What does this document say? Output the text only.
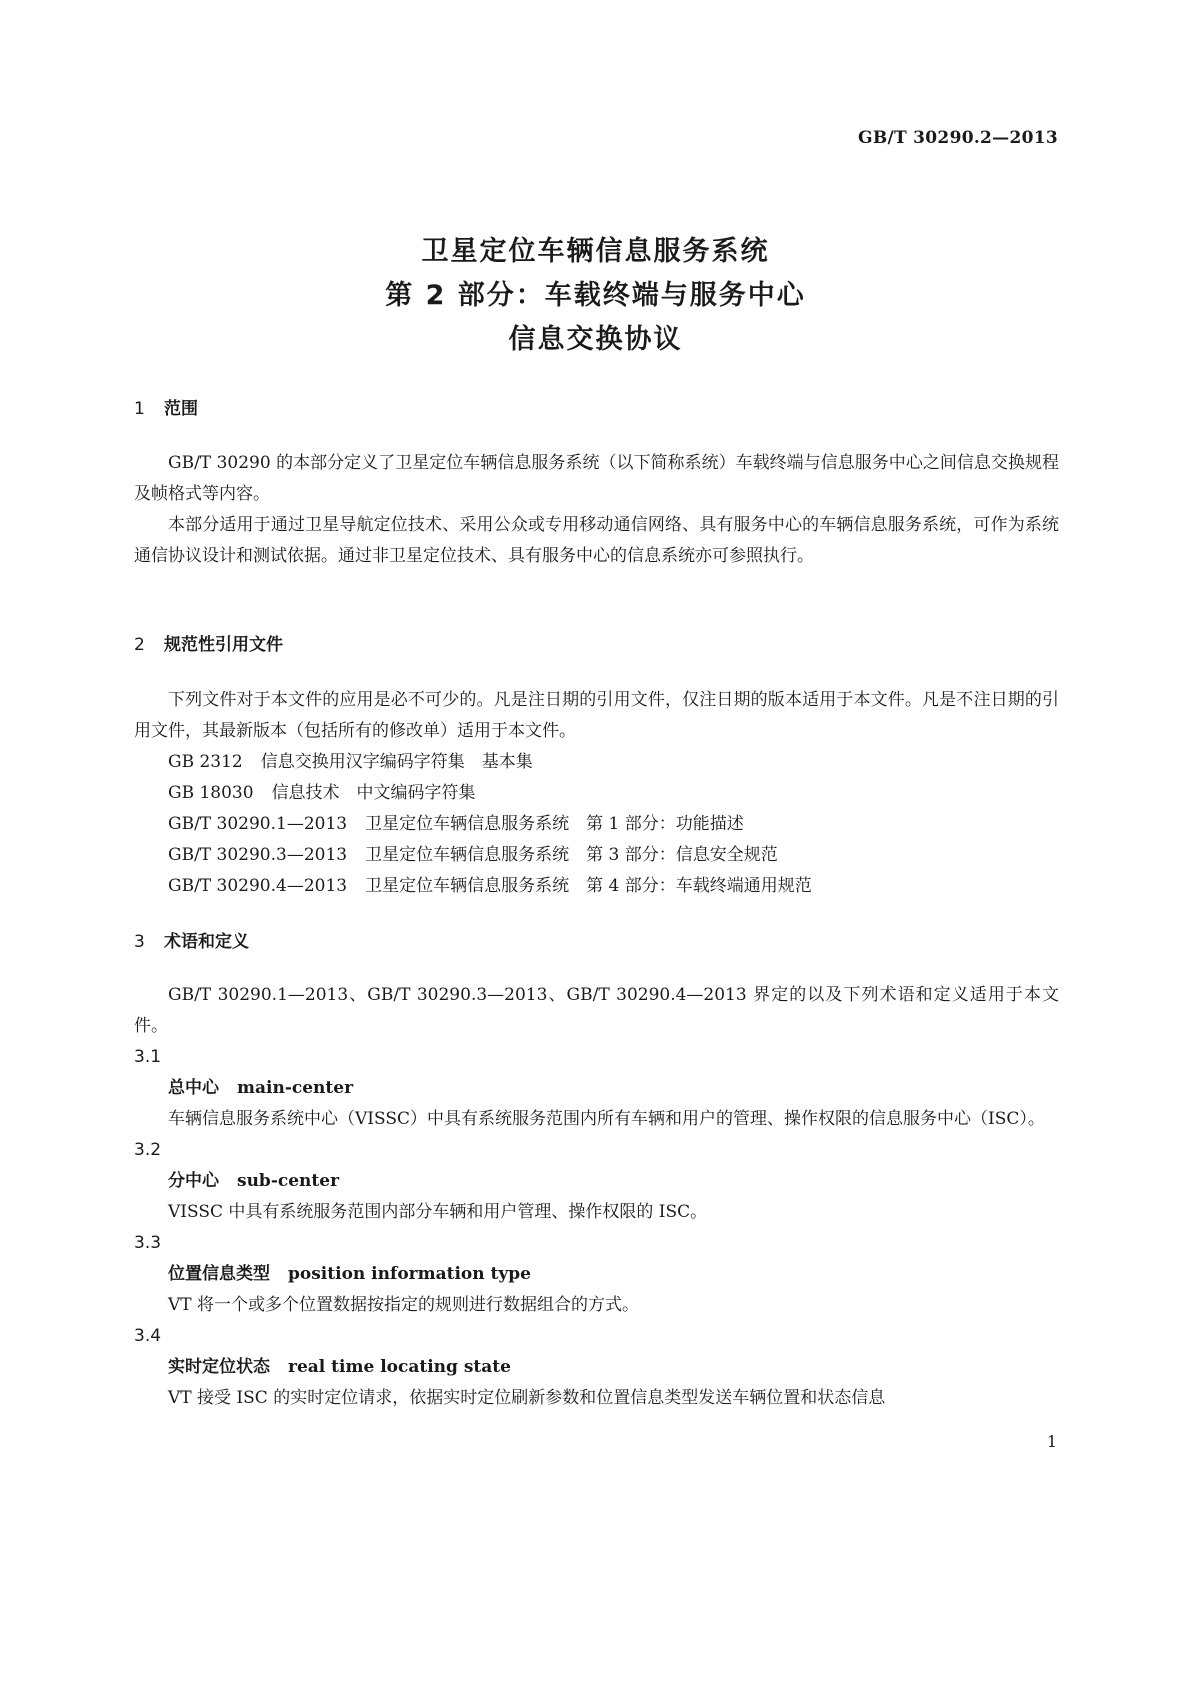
GB/T 30290.2—2013
卫星定位车辆信息服务系统
第 2 部分：车载终端与服务中心
信息交换协议
1 范围

GB/T 30290 的本部分定义了卫星定位车辆信息服务系统（以下简称系统）车载终端与信息服务中心之间信息交换规程及帧格式等内容。

本部分适用于通过卫星导航定位技术、采用公众或专用移动通信网络、具有服务中心的车辆信息服务系统，可作为系统通信协议设计和测试依据。通过非卫星定位技术、具有服务中心的信息系统亦可参照执行。

2 规范性引用文件

下列文件对于本文件的应用是必不可少的。凡是注日期的引用文件，仅注日期的版本适用于本文件。凡是不注日期的引用文件，其最新版本（包括所有的修改单）适用于本文件。

GB 2312 信息交换用汉字编码字符集　基本集

GB 18030 信息技术　中文编码字符集

GB/T 30290.1—2013 卫星定位车辆信息服务系统　第 1 部分：功能描述

GB/T 30290.3—2013 卫星定位车辆信息服务系统　第 3 部分：信息安全规范

GB/T 30290.4—2013 卫星定位车辆信息服务系统　第 4 部分：车载终端通用规范

3 术语和定义

GB/T 30290.1—2013、GB/T 30290.3—2013、GB/T 30290.4—2013 界定的以及下列术语和定义适用于本文件。

3.1

总中心 main-center

车辆信息服务系统中心（VISSC）中具有系统服务范围内所有车辆和用户的管理、操作权限的信息服务中心（ISC）。

3.2

分中心 sub-center

VISSC 中具有系统服务范围内部分车辆和用户管理、操作权限的 ISC。

3.3

位置信息类型 position information type

VT 将一个或多个位置数据按指定的规则进行数据组合的方式。

3.4

实时定位状态 real time locating state

VT 接受 ISC 的实时定位请求，依据实时定位刷新参数和位置信息类型发送车辆位置和状态信息

1
